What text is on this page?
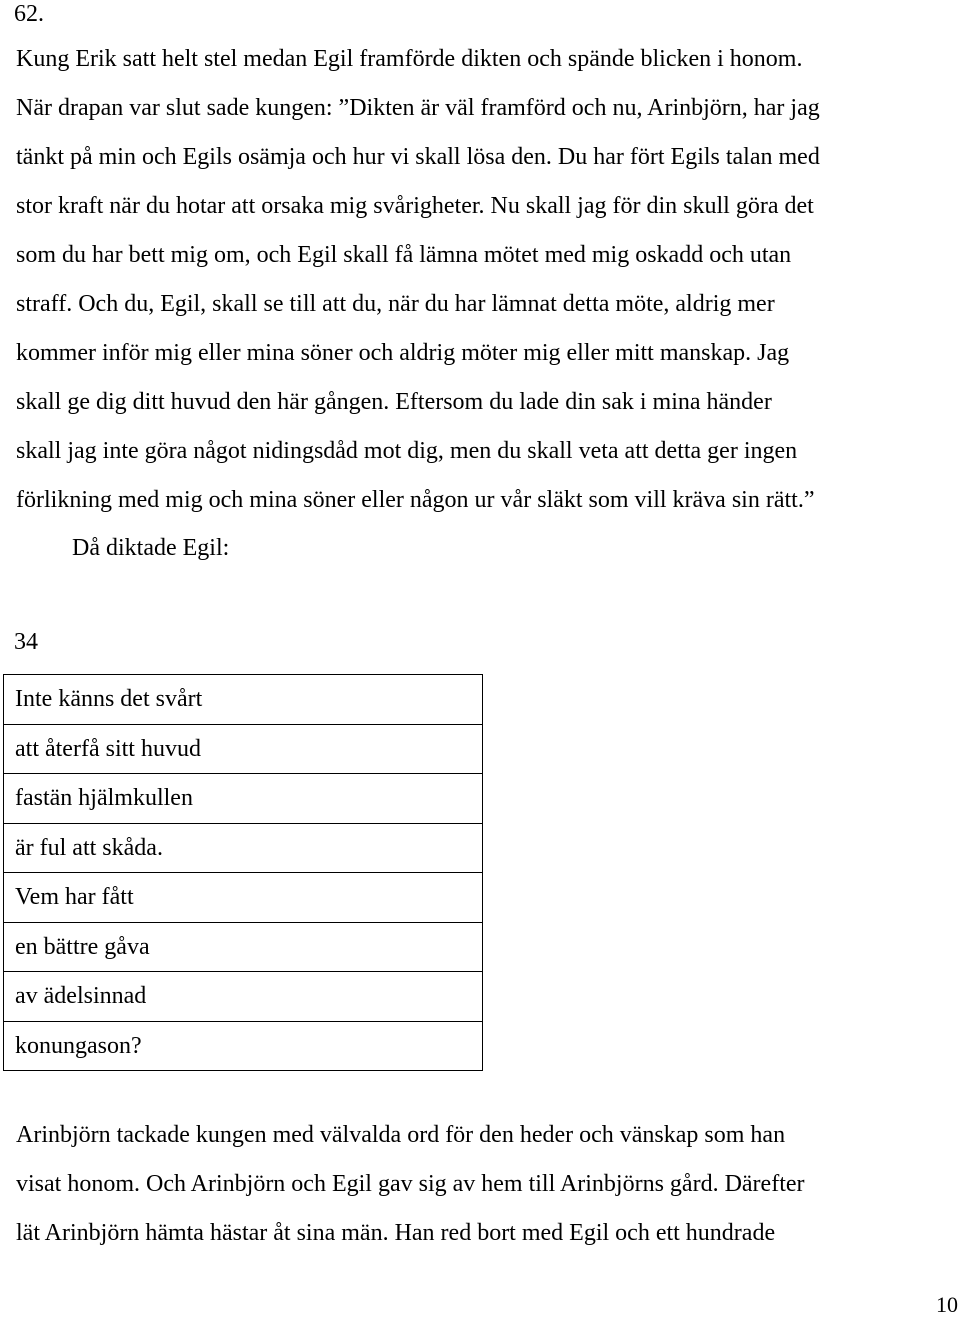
62.
Kung Erik satt helt stel medan Egil framförde dikten och spände blicken i honom.
När drapan var slut sade kungen: ”Dikten är väl framförd och nu, Arinbjörn, har jag
tänkt på min och Egils osämja och hur vi skall lösa den. Du har fört Egils talan med
stor kraft när du hotar att orsaka mig svårigheter. Nu skall jag för din skull göra det
som du har bett mig om, och Egil skall få lämna mötet med mig oskadd och utan
straff. Och du, Egil, skall se till att du, när du har lämnat detta möte, aldrig mer
kommer inför mig eller mina söner och aldrig möter mig eller mitt manskap. Jag
skall ge dig ditt huvud den här gången. Eftersom du lade din sak i mina händer
skall jag inte göra något nidingsdåd mot dig, men du skall veta att detta ger ingen
förlikning med mig och mina söner eller någon ur vår släkt som vill kräva sin rätt.”
Då diktade Egil:
34
Inte känns det svårt
att återfå sitt huvud
fastän hjälmkullen
är ful att skåda.
Vem har fått
en bättre gåva
av ädelsinnad
konungason?
Arinbjörn tackade kungen med välvalda ord för den heder och vänskap som han
visat honom. Och Arinbjörn och Egil gav sig av hem till Arinbjörns gård. Därefter
lät Arinbjörn hämta hästar åt sina män. Han red bort med Egil och ett hundrade
10
